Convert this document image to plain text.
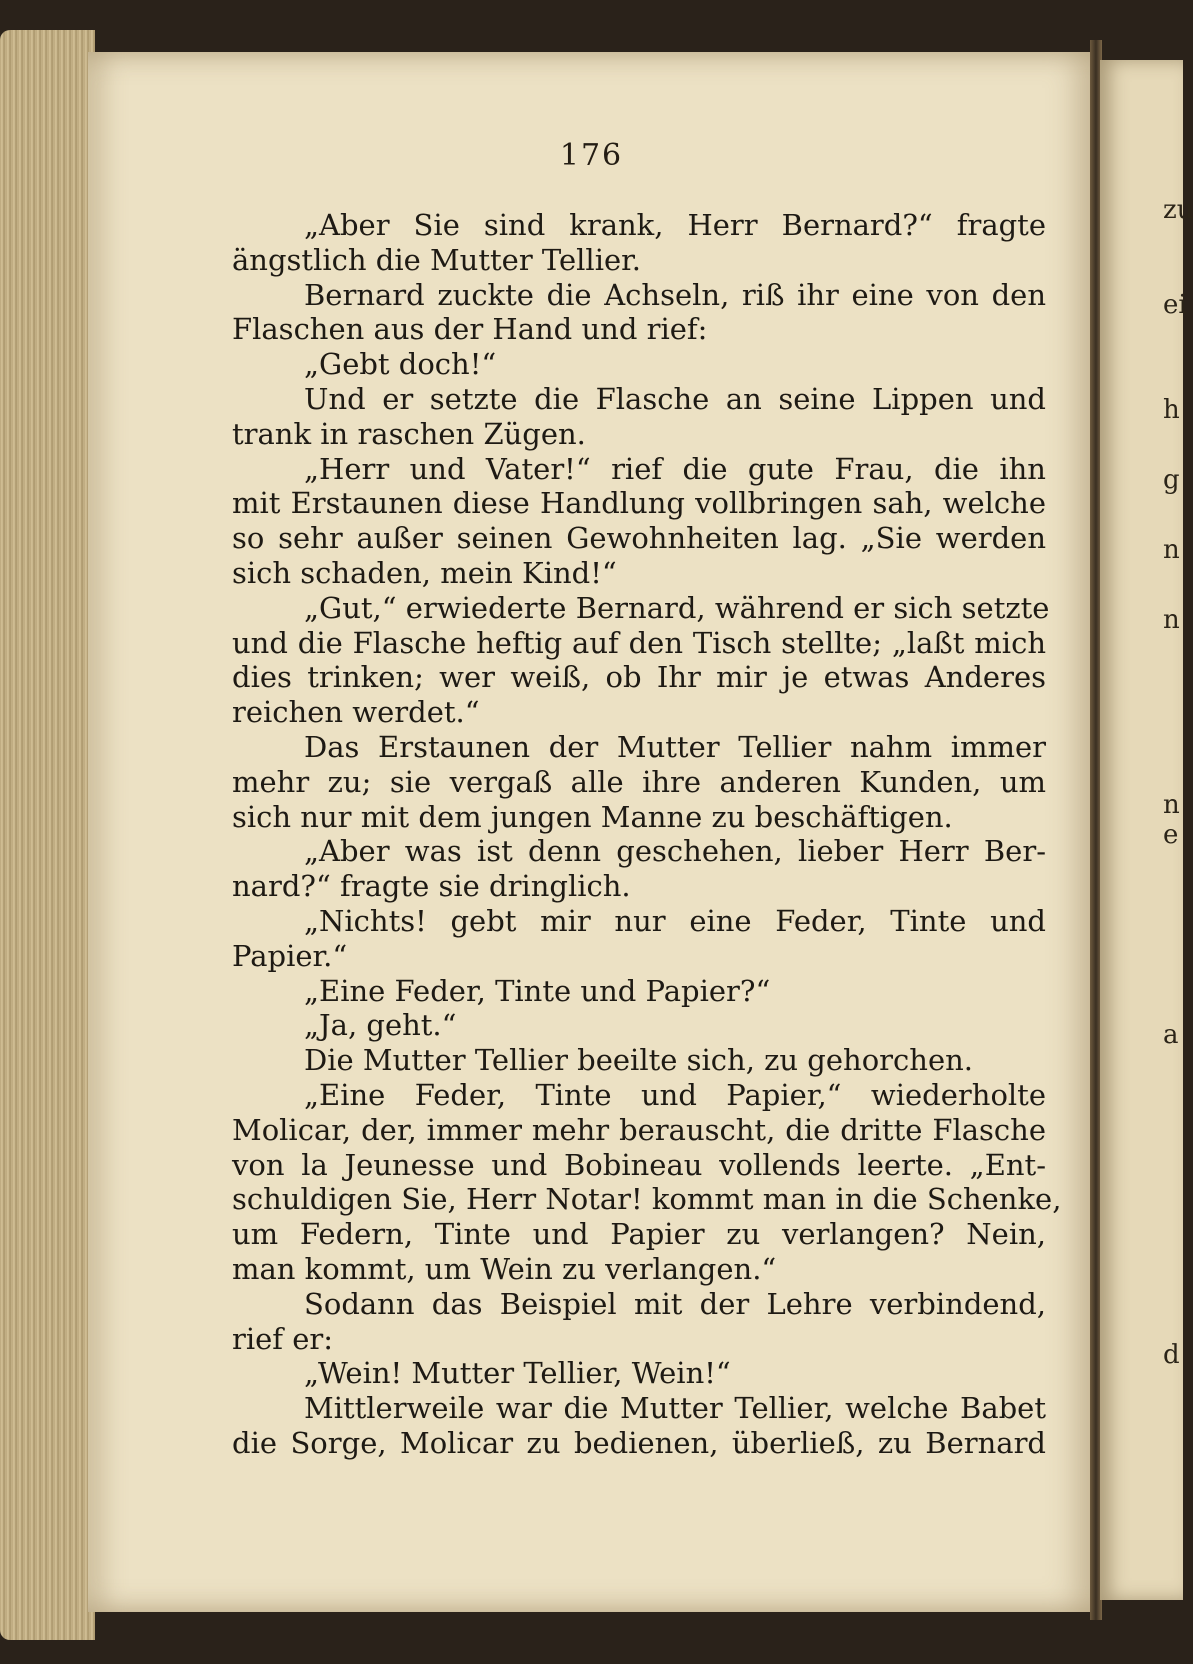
zu
ei
h
g
n
n
n
e
a
d
176
„Aber Sie sind krank, Herr Bernard?“ fragte
ängstlich die Mutter Tellier.
Bernard zuckte die Achseln, riß ihr eine von den
Flaschen aus der Hand und rief:
„Gebt doch!“
Und er setzte die Flasche an seine Lippen und
trank in raschen Zügen.
„Herr und Vater!“ rief die gute Frau, die ihn
mit Erstaunen diese Handlung vollbringen sah, welche
so sehr außer seinen Gewohnheiten lag. „Sie werden
sich schaden, mein Kind!“
„Gut,“ erwiederte Bernard, während er sich setzte
und die Flasche heftig auf den Tisch stellte; „laßt mich
dies trinken; wer weiß, ob Ihr mir je etwas Anderes
reichen werdet.“
Das Erstaunen der Mutter Tellier nahm immer
mehr zu; sie vergaß alle ihre anderen Kunden, um
sich nur mit dem jungen Manne zu beschäftigen.
„Aber was ist denn geschehen, lieber Herr Ber-
nard?“ fragte sie dringlich.
„Nichts! gebt mir nur eine Feder, Tinte und
Papier.“
„Eine Feder, Tinte und Papier?“
„Ja, geht.“
Die Mutter Tellier beeilte sich, zu gehorchen.
„Eine Feder, Tinte und Papier,“ wiederholte
Molicar, der, immer mehr berauscht, die dritte Flasche
von la Jeunesse und Bobineau vollends leerte. „Ent-
schuldigen Sie, Herr Notar! kommt man in die Schenke,
um Federn, Tinte und Papier zu verlangen? Nein,
man kommt, um Wein zu verlangen.“
Sodann das Beispiel mit der Lehre verbindend,
rief er:
„Wein! Mutter Tellier, Wein!“
Mittlerweile war die Mutter Tellier, welche Babet
die Sorge, Molicar zu bedienen, überließ, zu Bernard
